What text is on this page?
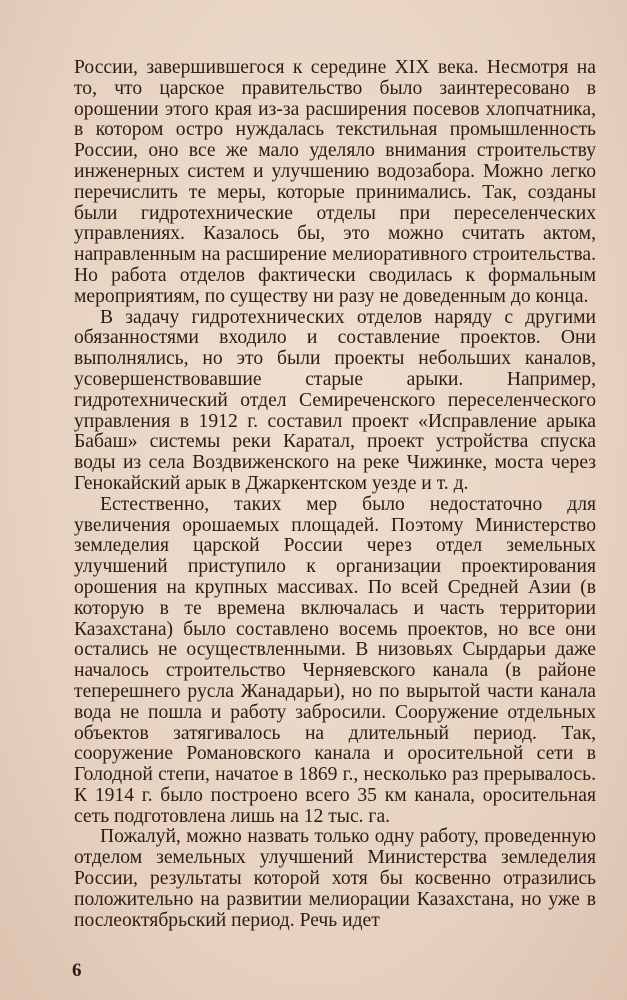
России, завершившегося к середине XIX века. Несмотря на то, что царское правительство было заинтересовано в орошении этого края из-за расширения посевов хлопчатника, в котором остро нуждалась текстильная промышленность России, оно все же мало уделяло внимания строительству инженерных систем и улучшению водозабора. Можно легко перечислить те меры, которые принимались. Так, созданы были гидротехнические отделы при переселенческих управлениях. Казалось бы, это можно считать актом, направленным на расширение мелиоративного строительства. Но работа отделов фактически сводилась к формальным мероприятиям, по существу ни разу не доведенным до конца.

В задачу гидротехнических отделов наряду с другими обязанностями входило и составление проектов. Они выполнялись, но это были проекты небольших каналов, усовершенствовавшие старые арыки. Например, гидротехнический отдел Семиреченского переселенческого управления в 1912 г. составил проект «Исправление арыка Бабаш» системы реки Каратал, проект устройства спуска воды из села Воздвиженского на реке Чижинке, моста через Генокайский арык в Джаркентском уезде и т. д.

Естественно, таких мер было недостаточно для увеличения орошаемых площадей. Поэтому Министерство земледелия царской России через отдел земельных улучшений приступило к организации проектирования орошения на крупных массивах. По всей Средней Азии (в которую в те времена включалась и часть территории Казахстана) было составлено восемь проектов, но все они остались не осуществленными. В низовьях Сырдарьи даже началось строительство Черняевского канала (в районе теперешнего русла Жанадарьи), но по вырытой части канала вода не пошла и работу забросили. Сооружение отдельных объектов затягивалось на длительный период. Так, сооружение Романовского канала и оросительной сети в Голодной степи, начатое в 1869 г., несколько раз прерывалось. К 1914 г. было построено всего 35 км канала, оросительная сеть подготовлена лишь на 12 тыс. га.

Пожалуй, можно назвать только одну работу, проведенную отделом земельных улучшений Министерства земледелия России, результаты которой хотя бы косвенно отразились положительно на развитии мелиорации Казахстана, но уже в послеоктябрьский период. Речь идет

6
